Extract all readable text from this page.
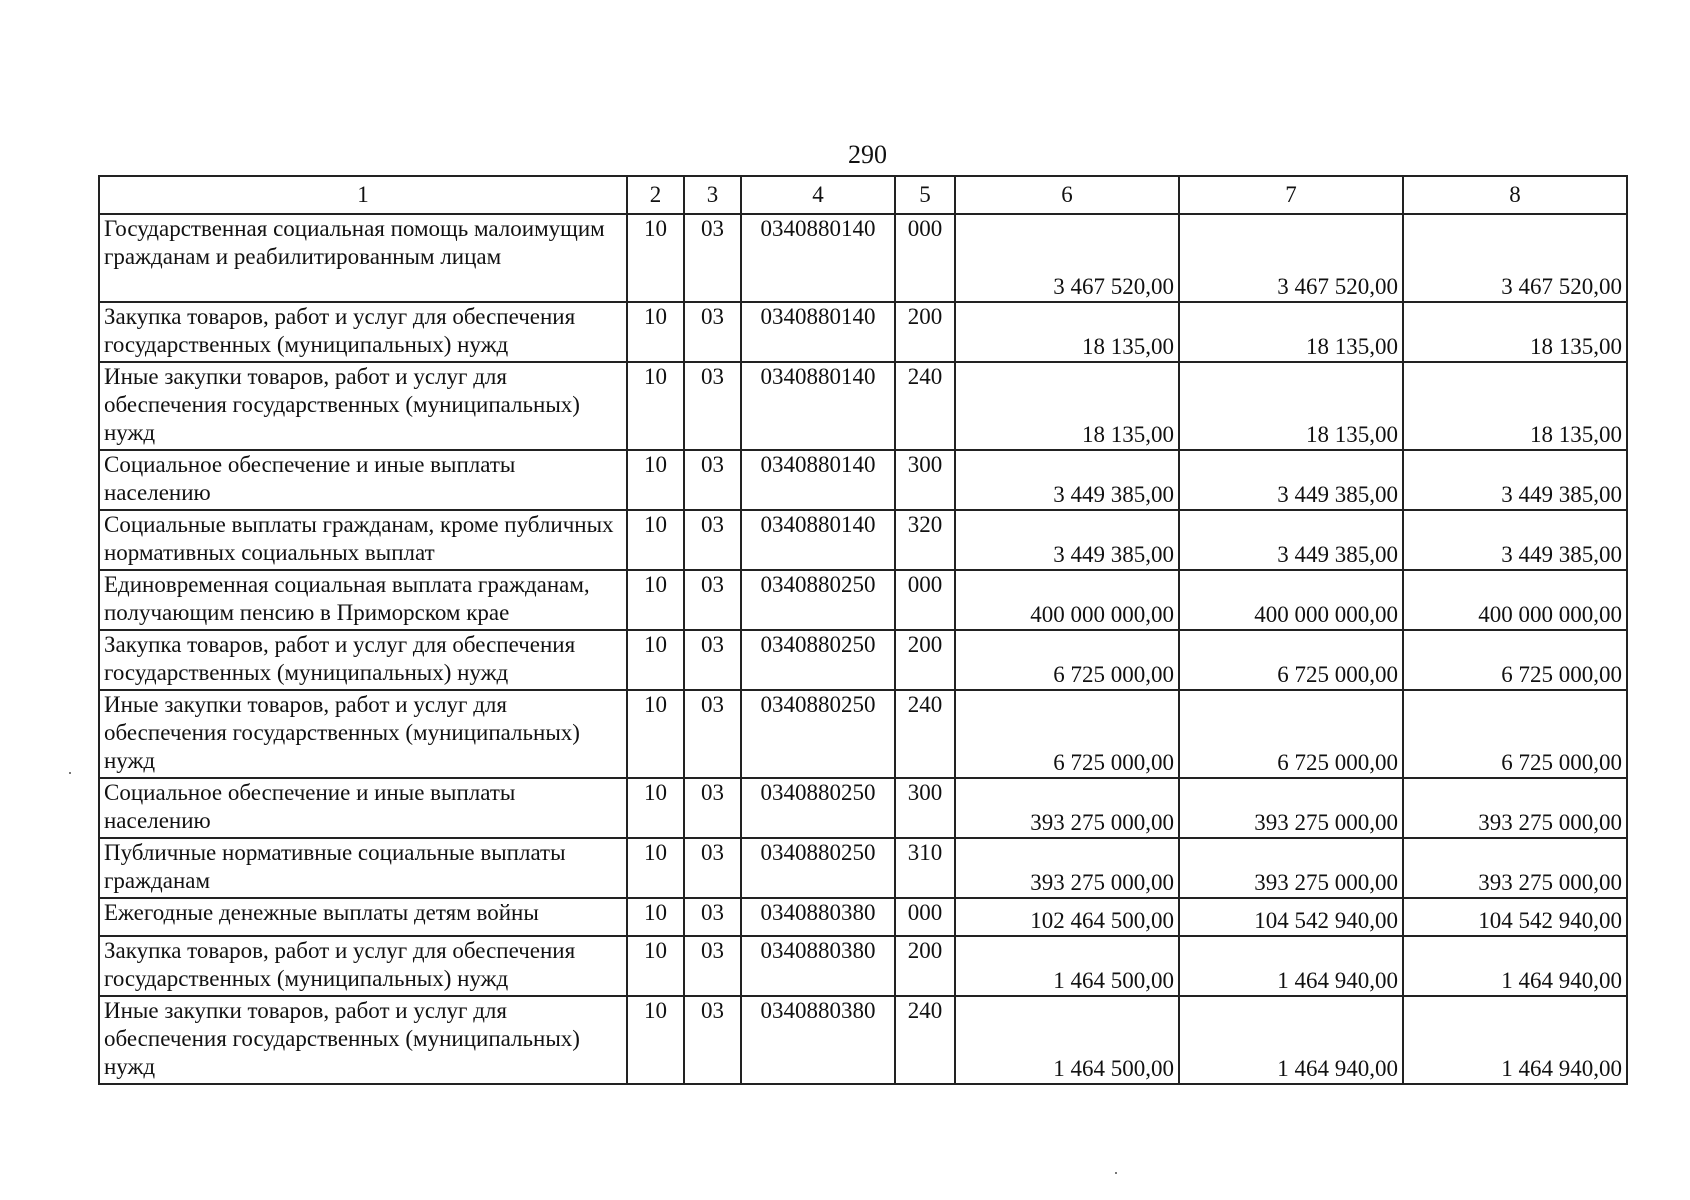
290
1	2	3	4	5	6	7	8
Государственная социальная помощь малоимущим гражданам и реабилитированным лицам	10	03	0340880140	000	3 467 520,00	3 467 520,00	3 467 520,00
Закупка товаров, работ и услуг для обеспечения государственных (муниципальных) нужд	10	03	0340880140	200	18 135,00	18 135,00	18 135,00
Иные закупки товаров, работ и услуг для обеспечения государственных (муниципальных) нужд	10	03	0340880140	240	18 135,00	18 135,00	18 135,00
Социальное обеспечение и иные выплаты населению	10	03	0340880140	300	3 449 385,00	3 449 385,00	3 449 385,00
Социальные выплаты гражданам, кроме публичных нормативных социальных выплат	10	03	0340880140	320	3 449 385,00	3 449 385,00	3 449 385,00
Единовременная социальная выплата гражданам, получающим пенсию в Приморском крае	10	03	0340880250	000	400 000 000,00	400 000 000,00	400 000 000,00
Закупка товаров, работ и услуг для обеспечения государственных (муниципальных) нужд	10	03	0340880250	200	6 725 000,00	6 725 000,00	6 725 000,00
Иные закупки товаров, работ и услуг для обеспечения государственных (муниципальных) нужд	10	03	0340880250	240	6 725 000,00	6 725 000,00	6 725 000,00
Социальное обеспечение и иные выплаты населению	10	03	0340880250	300	393 275 000,00	393 275 000,00	393 275 000,00
Публичные нормативные социальные выплаты гражданам	10	03	0340880250	310	393 275 000,00	393 275 000,00	393 275 000,00
Ежегодные денежные выплаты детям войны	10	03	0340880380	000	102 464 500,00	104 542 940,00	104 542 940,00
Закупка товаров, работ и услуг для обеспечения государственных (муниципальных) нужд	10	03	0340880380	200	1 464 500,00	1 464 940,00	1 464 940,00
Иные закупки товаров, работ и услуг для обеспечения государственных (муниципальных) нужд	10	03	0340880380	240	1 464 500,00	1 464 940,00	1 464 940,00
